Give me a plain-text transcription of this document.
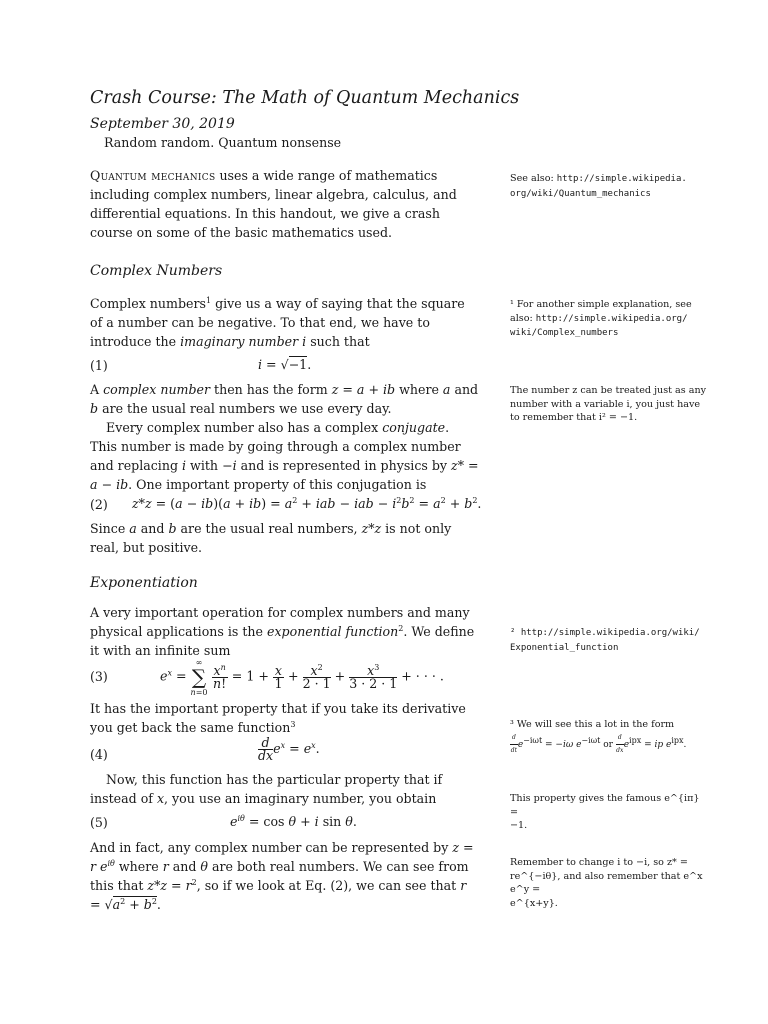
Crash Course: The Math of Quantum Mechanics
September 30, 2019
Random random. Quantum nonsense
Quantum mechanics uses a wide range of mathematics including complex numbers, linear algebra, calculus, and differential equations. In this handout, we give a crash course on some of the basic mathematics used.
See also: http://simple.wikipedia.
org/wiki/Quantum_mechanics
Complex Numbers
Complex numbers$^1$ give us a way of saying that the square of a number can be negative. To that end, we have to introduce the imaginary number i such that
¹ For another simple explanation, see
also: http://simple.wikipedia.org/
wiki/Complex_numbers
(1)	i = √−1.
A complex number then has the form z = a + ib where a and b are the usual real numbers we use every day.
Every complex number also has a complex conjugate. This number is made by going through a complex number and replacing i with −i and is represented in physics by z* = a − ib. One important property of this conjugation is
The number z can be treated just as any
number with a variable i, you just have
to remember that i² = −1.
(2) $z*z = (a - ib)(a + ib) = a^2$ + iab − iab − $i^2b^2 = a^2 + b^2$.
Since a and b are the usual real numbers, z*z is not only real, but positive.
Exponentiation
A very important operation for complex numbers and many physical applications is the exponential function$^2$. We define it with an infinite sum
² http://simple.wikipedia.org/wiki/
Exponential_function
(3)	$e^x$ = ∞
∑
n=0
$\frac{x^n}{n!} = 1 + \frac{x}{1} + \frac{x^2}{2 \cdot 1} + \frac{x^3}{3 \cdot 2 \cdot 1}$ + · · · .
It has the important property that if you take its derivative you get back the same function$^3$	³ We will see this a lot in the form

$\frac{d}{dt} e^{-i\omega t} = -i\omega$ $e^{-i\omega t}$ or $\frac{d}{dx} e^{ipx}$ = ip $e^{ipx}$.
(4)	$\frac{d}{dx} e^x = e^x$.
Now, this function has the particular property that if instead of x, you use an imaginary number, you obtain	This property gives the famous e^{iπ} =
−1.
(5)	$e^{i\theta} = \cos \theta + i$ sin θ.
And in fact, any complex number can be represented by z = r $e^{i\theta}$ where r and θ are both real numbers. We can see from this that $z*z = r^2$, so if we look at Eq. (2), we can see that $r = √a^2 + b^2$.
Remember to change i to −i, so z* =
re^{−iθ}, and also remember that e^x e^y =
e^{x+y}.
